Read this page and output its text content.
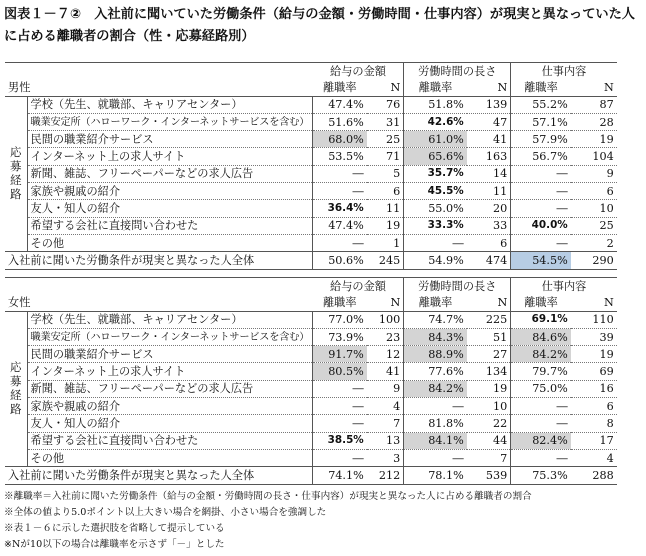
図表１－７②　入社前に聞いていた労働条件（給与の金額・労働時間・仕事内容）が現実と異なっていた人に占める離職者の割合（性・応募経路別）
		給与の金額		労働時間の長さ		仕事内容	
男性		離職率	N	離職率	N	離職率	N
応募経路	学校（先生、就職部、キャリアセンター）	47.4%	76	51.8%	139	55.2%	87
	職業安定所（ハローワーク・インターネットサービスを含む）	51.6%	31	42.6%	47	57.1%	28
	民間の職業紹介サービス	68.0%	25	61.0%	41	57.9%	19
	インターネット上の求人サイト	53.5%	71	65.6%	163	56.7%	104
	新聞、雑誌、フリーペーパーなどの求人広告	―	5	35.7%	14	―	9
	家族や親戚の紹介	―	6	45.5%	11	―	6
	友人・知人の紹介	36.4%	11	55.0%	20	―	10
	希望する会社に直接問い合わせた	47.4%	19	33.3%	33	40.0%	25
	その他	―	1	―	6	―	2
入社前に聞いた労働条件が現実と異なった人全体		50.6%	245	54.9%	474	54.5%	290
		給与の金額		労働時間の長さ		仕事内容	
女性		離職率	N	離職率	N	離職率	N
応募経路	学校（先生、就職部、キャリアセンター）	77.0%	100	74.7%	225	69.1%	110
	職業安定所（ハローワーク・インターネットサービスを含む）	73.9%	23	84.3%	51	84.6%	39
	民間の職業紹介サービス	91.7%	12	88.9%	27	84.2%	19
	インターネット上の求人サイト	80.5%	41	77.6%	134	79.7%	69
	新聞、雑誌、フリーペーパーなどの求人広告	―	9	84.2%	19	75.0%	16
	家族や親戚の紹介	―	4	―	10	―	6
	友人・知人の紹介	―	7	81.8%	22	―	8
	希望する会社に直接問い合わせた	38.5%	13	84.1%	44	82.4%	17
	その他	―	3	―	7	―	4
入社前に聞いた労働条件が現実と異なった人全体		74.1%	212	78.1%	539	75.3%	288
※離職率＝入社前に聞いた労働条件（給与の金額・労働時間の長さ・仕事内容）が現実と異なった人に占める離職者の割合
※全体の値より5.0ポイント以上大きい場合を網掛、小さい場合を強調した
※表１－６に示した選択肢を省略して提示している
※Nが10以下の場合は離職率を示さず「－」とした
